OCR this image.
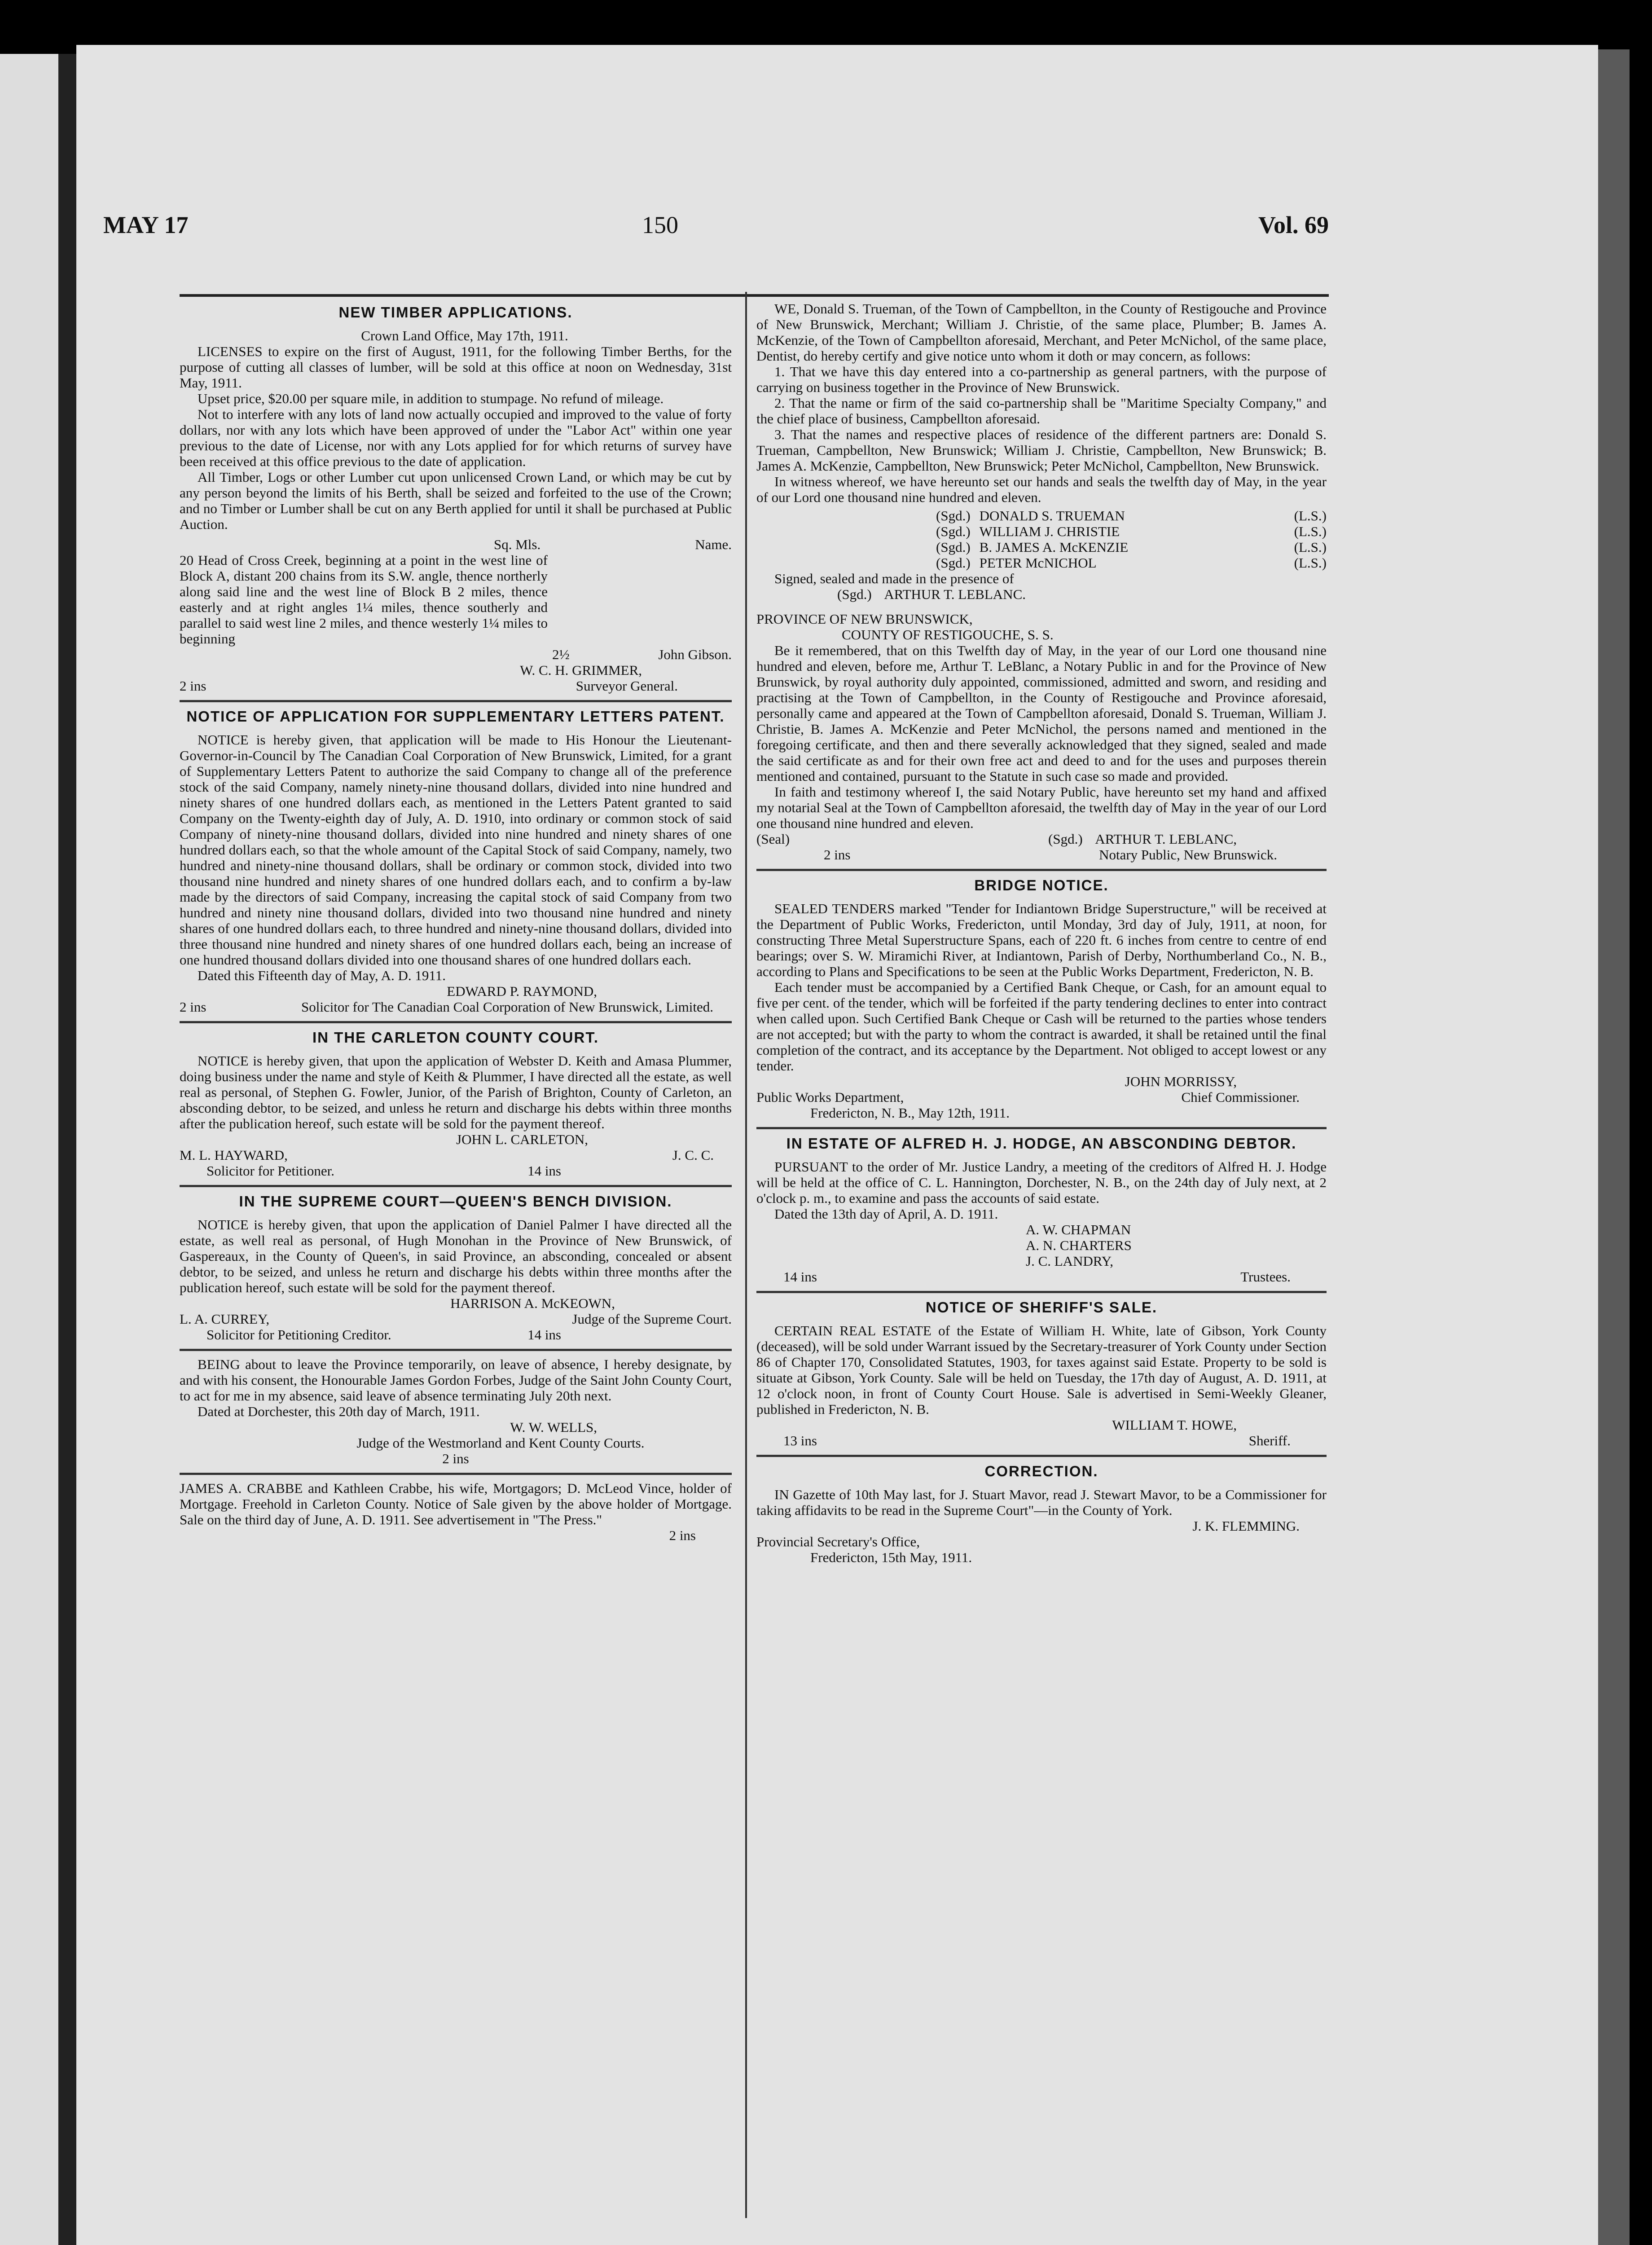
MAY 17	150	Vol. 69
NEW TIMBER APPLICATIONS.

Crown Land Office, May 17th, 1911.

LICENSES to expire on the first of August, 1911, for the following Timber Berths, for the purpose of cutting all classes of lumber, will be sold at this office at noon on Wednesday, 31st May, 1911.

Upset price, $20.00 per square mile, in addition to stumpage. No refund of mileage.

Not to interfere with any lots of land now actually occupied and improved to the value of forty dollars, nor with any lots which have been approved of under the "Labor Act" within one year previous to the date of License, nor with any Lots applied for for which returns of survey have been received at this office previous to the date of application.

All Timber, Logs or other Lumber cut upon unlicensed Crown Land, or which may be cut by any person beyond the limits of his Berth, shall be seized and forfeited to the use of the Crown; and no Timber or Lumber shall be cut on any Berth applied for until it shall be purchased at Public Auction.

Sq. Mls.	Name.

20 Head of Cross Creek, beginning at a point in the west line of Block A, distant 200 chains from its S.W. angle, thence northerly along said line and the west line of Block B 2 miles, thence easterly and at right angles 1¼ miles, thence southerly and parallel to said west line 2 miles, and thence westerly 1¼ miles to beginning

2½	John Gibson.
W. C. H. GRIMMER,
2 ins	Surveyor General.
NOTICE OF APPLICATION FOR SUPPLEMENTARY LETTERS PATENT.

NOTICE is hereby given, that application will be made to His Honour the Lieutenant-Governor-in-Council by The Canadian Coal Corporation of New Brunswick, Limited, for a grant of Supplementary Letters Patent to authorize the said Company to change all of the preference stock of the said Company, namely ninety-nine thousand dollars, divided into nine hundred and ninety shares of one hundred dollars each, as mentioned in the Letters Patent granted to said Company on the Twenty-eighth day of July, A. D. 1910, into ordinary or common stock of said Company of ninety-nine thousand dollars, divided into nine hundred and ninety shares of one hundred dollars each, so that the whole amount of the Capital Stock of said Company, namely, two hundred and ninety-nine thousand dollars, shall be ordinary or common stock, divided into two thousand nine hundred and ninety shares of one hundred dollars each, and to confirm a by-law made by the directors of said Company, increasing the capital stock of said Company from two hundred and ninety nine thousand dollars, divided into two thousand nine hundred and ninety shares of one hundred dollars each, to three hundred and ninety-nine thousand dollars, divided into three thousand nine hundred and ninety shares of one hundred dollars each, being an increase of one hundred thousand dollars divided into one thousand shares of one hundred dollars each.

Dated this Fifteenth day of May, A. D. 1911.

EDWARD P. RAYMOND,
2 ins	Solicitor for The Canadian Coal Corporation of New Brunswick, Limited.
IN THE CARLETON COUNTY COURT.

NOTICE is hereby given, that upon the application of Webster D. Keith and Amasa Plummer, doing business under the name and style of Keith & Plummer, I have directed all the estate, as well real as personal, of Stephen G. Fowler, Junior, of the Parish of Brighton, County of Carleton, an absconding debtor, to be seized, and unless he return and discharge his debts within three months after the publication hereof, such estate will be sold for the payment thereof.

JOHN L. CARLETON,
M. L. HAYWARD,	J. C. C.
Solicitor for Petitioner.	14 ins
IN THE SUPREME COURT—QUEEN'S BENCH DIVISION.

NOTICE is hereby given, that upon the application of Daniel Palmer I have directed all the estate, as well real as personal, of Hugh Monohan in the Province of New Brunswick, of Gaspereaux, in the County of Queen's, in said Province, an absconding, concealed or absent debtor, to be seized, and unless he return and discharge his debts within three months after the publication hereof, such estate will be sold for the payment thereof.

HARRISON A. McKEOWN,
L. A. CURREY,	Judge of the Supreme Court.
Solicitor for Petitioning Creditor.	14 ins

BEING about to leave the Province temporarily, on leave of absence, I hereby designate, by and with his consent, the Honourable James Gordon Forbes, Judge of the Saint John County Court, to act for me in my absence, said leave of absence terminating July 20th next.

Dated at Dorchester, this 20th day of March, 1911.

W. W. WELLS,
Judge of the Westmorland and Kent County Courts.
2 ins

JAMES A. CRABBE and Kathleen Crabbe, his wife, Mortgagors; D. McLeod Vince, holder of Mortgage. Freehold in Carleton County. Notice of Sale given by the above holder of Mortgage. Sale on the third day of June, A. D. 1911. See advertisement in "The Press."

2 ins

WE, Donald S. Trueman, of the Town of Campbellton, in the County of Restigouche and Province of New Brunswick, Merchant; William J. Christie, of the same place, Plumber; B. James A. McKenzie, of the Town of Campbellton aforesaid, Merchant, and Peter McNichol, of the same place, Dentist, do hereby certify and give notice unto whom it doth or may concern, as follows:

1. That we have this day entered into a co-partnership as general partners, with the purpose of carrying on business together in the Province of New Brunswick.

2. That the name or firm of the said co-partnership shall be "Maritime Specialty Company," and the chief place of business, Campbellton aforesaid.

3. That the names and respective places of residence of the different partners are: Donald S. Trueman, Campbellton, New Brunswick; William J. Christie, Campbellton, New Brunswick; B. James A. McKenzie, Campbellton, New Brunswick; Peter McNichol, Campbellton, New Brunswick.

In witness whereof, we have hereunto set our hands and seals the twelfth day of May, in the year of our Lord one thousand nine hundred and eleven.

(Sgd.) DONALD S. TRUEMAN	(L.S.)
(Sgd.) WILLIAM J. CHRISTIE	(L.S.)
(Sgd.) B. JAMES A. McKENZIE	(L.S.)
(Sgd.) PETER McNICHOL	(L.S.)

Signed, sealed and made in the presence of

(Sgd.) ARTHUR T. LEBLANC.
PROVINCE OF NEW BRUNSWICK,
COUNTY OF RESTIGOUCHE, S. S.

Be it remembered, that on this Twelfth day of May, in the year of our Lord one thousand nine hundred and eleven, before me, Arthur T. LeBlanc, a Notary Public in and for the Province of New Brunswick, by royal authority duly appointed, commissioned, admitted and sworn, and residing and practising at the Town of Campbellton, in the County of Restigouche and Province aforesaid, personally came and appeared at the Town of Campbellton aforesaid, Donald S. Trueman, William J. Christie, B. James A. McKenzie and Peter McNichol, the persons named and mentioned in the foregoing certificate, and then and there severally acknowledged that they signed, sealed and made the said certificate as and for their own free act and deed to and for the uses and purposes therein mentioned and contained, pursuant to the Statute in such case so made and provided.

In faith and testimony whereof I, the said Notary Public, have hereunto set my hand and affixed my notarial Seal at the Town of Campbellton aforesaid, the twelfth day of May in the year of our Lord one thousand nine hundred and eleven.

(Seal)	(Sgd.) ARTHUR T. LEBLANC,
2 ins	Notary Public, New Brunswick.
BRIDGE NOTICE.

SEALED TENDERS marked "Tender for Indiantown Bridge Superstructure," will be received at the Department of Public Works, Fredericton, until Monday, 3rd day of July, 1911, at noon, for constructing Three Metal Superstructure Spans, each of 220 ft. 6 inches from centre to centre of end bearings; over S. W. Miramichi River, at Indiantown, Parish of Derby, Northumberland Co., N. B., according to Plans and Specifications to be seen at the Public Works Department, Fredericton, N. B.

Each tender must be accompanied by a Certified Bank Cheque, or Cash, for an amount equal to five per cent. of the tender, which will be forfeited if the party tendering declines to enter into contract when called upon. Such Certified Bank Cheque or Cash will be returned to the parties whose tenders are not accepted; but with the party to whom the contract is awarded, it shall be retained until the final completion of the contract, and its acceptance by the Department. Not obliged to accept lowest or any tender.

JOHN MORRISSY,
Public Works Department,	Chief Commissioner.
Fredericton, N. B., May 12th, 1911.
IN ESTATE OF ALFRED H. J. HODGE, AN ABSCONDING DEBTOR.

PURSUANT to the order of Mr. Justice Landry, a meeting of the creditors of Alfred H. J. Hodge will be held at the office of C. L. Hannington, Dorchester, N. B., on the 24th day of July next, at 2 o'clock p. m., to examine and pass the accounts of said estate.

Dated the 13th day of April, A. D. 1911.

A. W. CHAPMAN
A. N. CHARTERS
J. C. LANDRY,
14 ins	Trustees.
NOTICE OF SHERIFF'S SALE.

CERTAIN REAL ESTATE of the Estate of William H. White, late of Gibson, York County (deceased), will be sold under Warrant issued by the Secretary-treasurer of York County under Section 86 of Chapter 170, Consolidated Statutes, 1903, for taxes against said Estate. Property to be sold is situate at Gibson, York County. Sale will be held on Tuesday, the 17th day of August, A. D. 1911, at 12 o'clock noon, in front of County Court House. Sale is advertised in Semi-Weekly Gleaner, published in Fredericton, N. B.

WILLIAM T. HOWE,
13 ins	Sheriff.
CORRECTION.

IN Gazette of 10th May last, for J. Stuart Mavor, read J. Stewart Mavor, to be a Commissioner for taking affidavits to be read in the Supreme Court"—in the County of York.

J. K. FLEMMING.
Provincial Secretary's Office,
Fredericton, 15th May, 1911.
